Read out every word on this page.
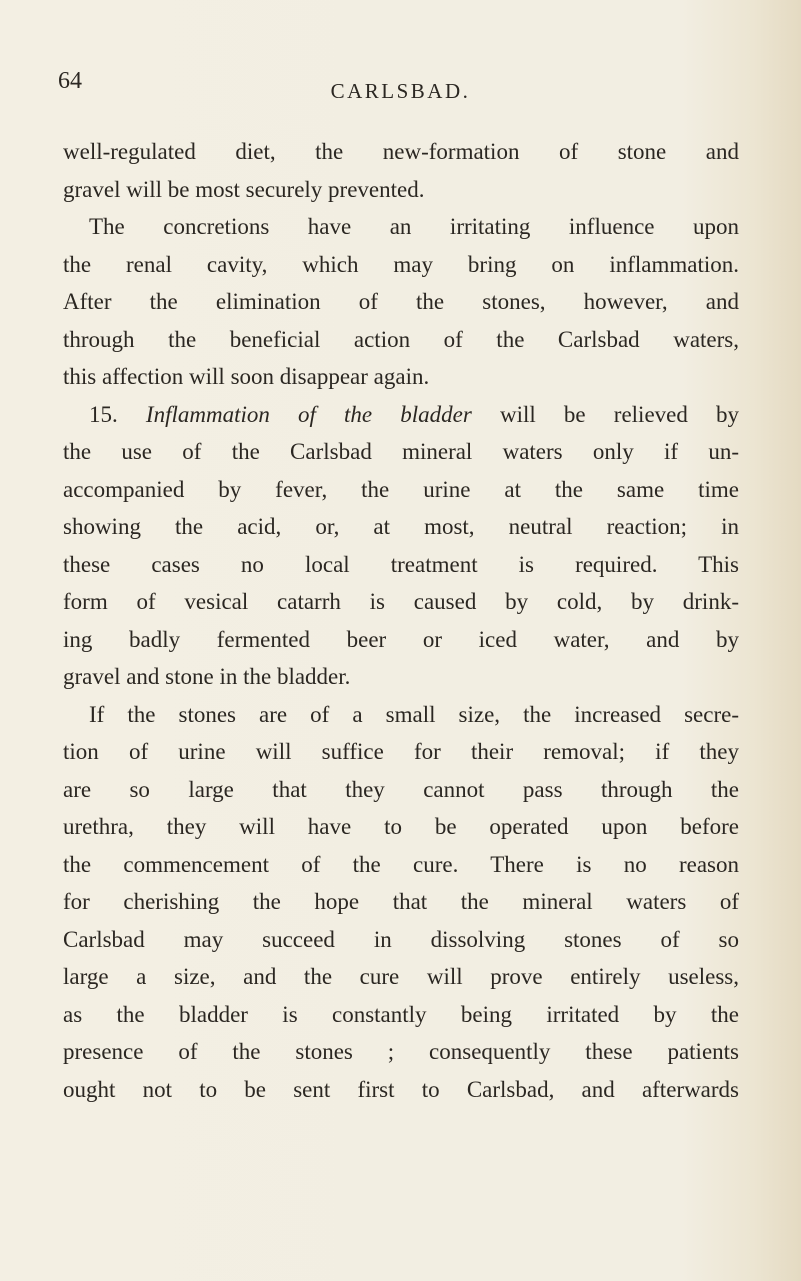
64	CARLSBAD.
well-regulated diet, the new-formation of stone and
gravel will be most securely prevented.
The concretions have an irritating influence upon
the renal cavity, which may bring on inflammation.
After the elimination of the stones, however, and
through the beneficial action of the Carlsbad waters,
this affection will soon disappear again.
15. Inflammation of the bladder will be relieved by
the use of the Carlsbad mineral waters only if un-
accompanied by fever, the urine at the same time
showing the acid, or, at most, neutral reaction; in
these cases no local treatment is required. This
form of vesical catarrh is caused by cold, by drink-
ing badly fermented beer or iced water, and by
gravel and stone in the bladder.
If the stones are of a small size, the increased secre-
tion of urine will suffice for their removal; if they
are so large that they cannot pass through the
urethra, they will have to be operated upon before
the commencement of the cure. There is no reason
for cherishing the hope that the mineral waters of
Carlsbad may succeed in dissolving stones of so
large a size, and the cure will prove entirely useless,
as the bladder is constantly being irritated by the
presence of the stones ; consequently these patients
ought not to be sent first to Carlsbad, and afterwards
